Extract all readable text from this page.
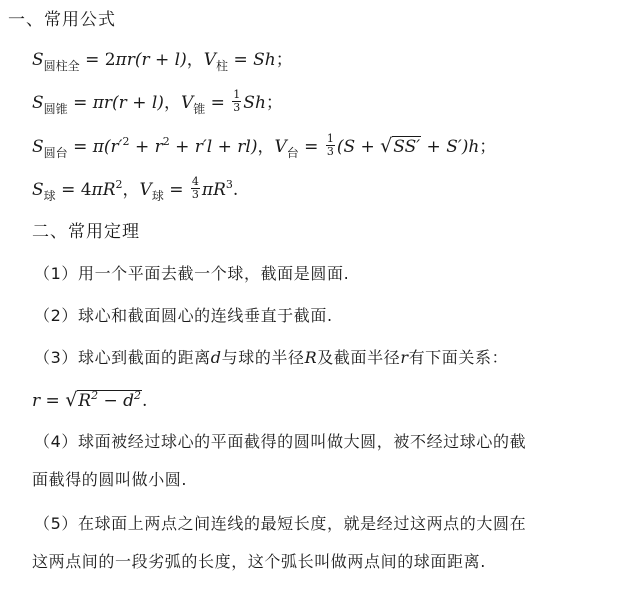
一、常用公式
$S_{圆柱全} = 2\pi r(r + l)$，$V_柱 = Sh$；
$S_{圆锥} = \pi r(r + l)$，$V_锥 = \frac{1}{3}$ Sh；
$S_{圆台} = \pi(r'^2 + r^2 + r'l + rl)$，$V_台 = \frac{1}{3} (S + √SS' + S')h$；
$S_球 = 4\pi R^2$，$V_球 = \frac{4}{3} \pi R^3$.
二、常用定理
（1）用一个平面去截一个球，截面是圆面.
（2）球心和截面圆心的连线垂直于截面.
（3）球心到截面的距离d与球的半径R及截面半径r有下面关系：
$r = √R^2 - d^2$.
（4）球面被经过球心的平面截得的圆叫做大圆，被不经过球心的截
面截得的圆叫做小圆.
（5）在球面上两点之间连线的最短长度，就是经过这两点的大圆在
这两点间的一段劣弧的长度，这个弧长叫做两点间的球面距离.
